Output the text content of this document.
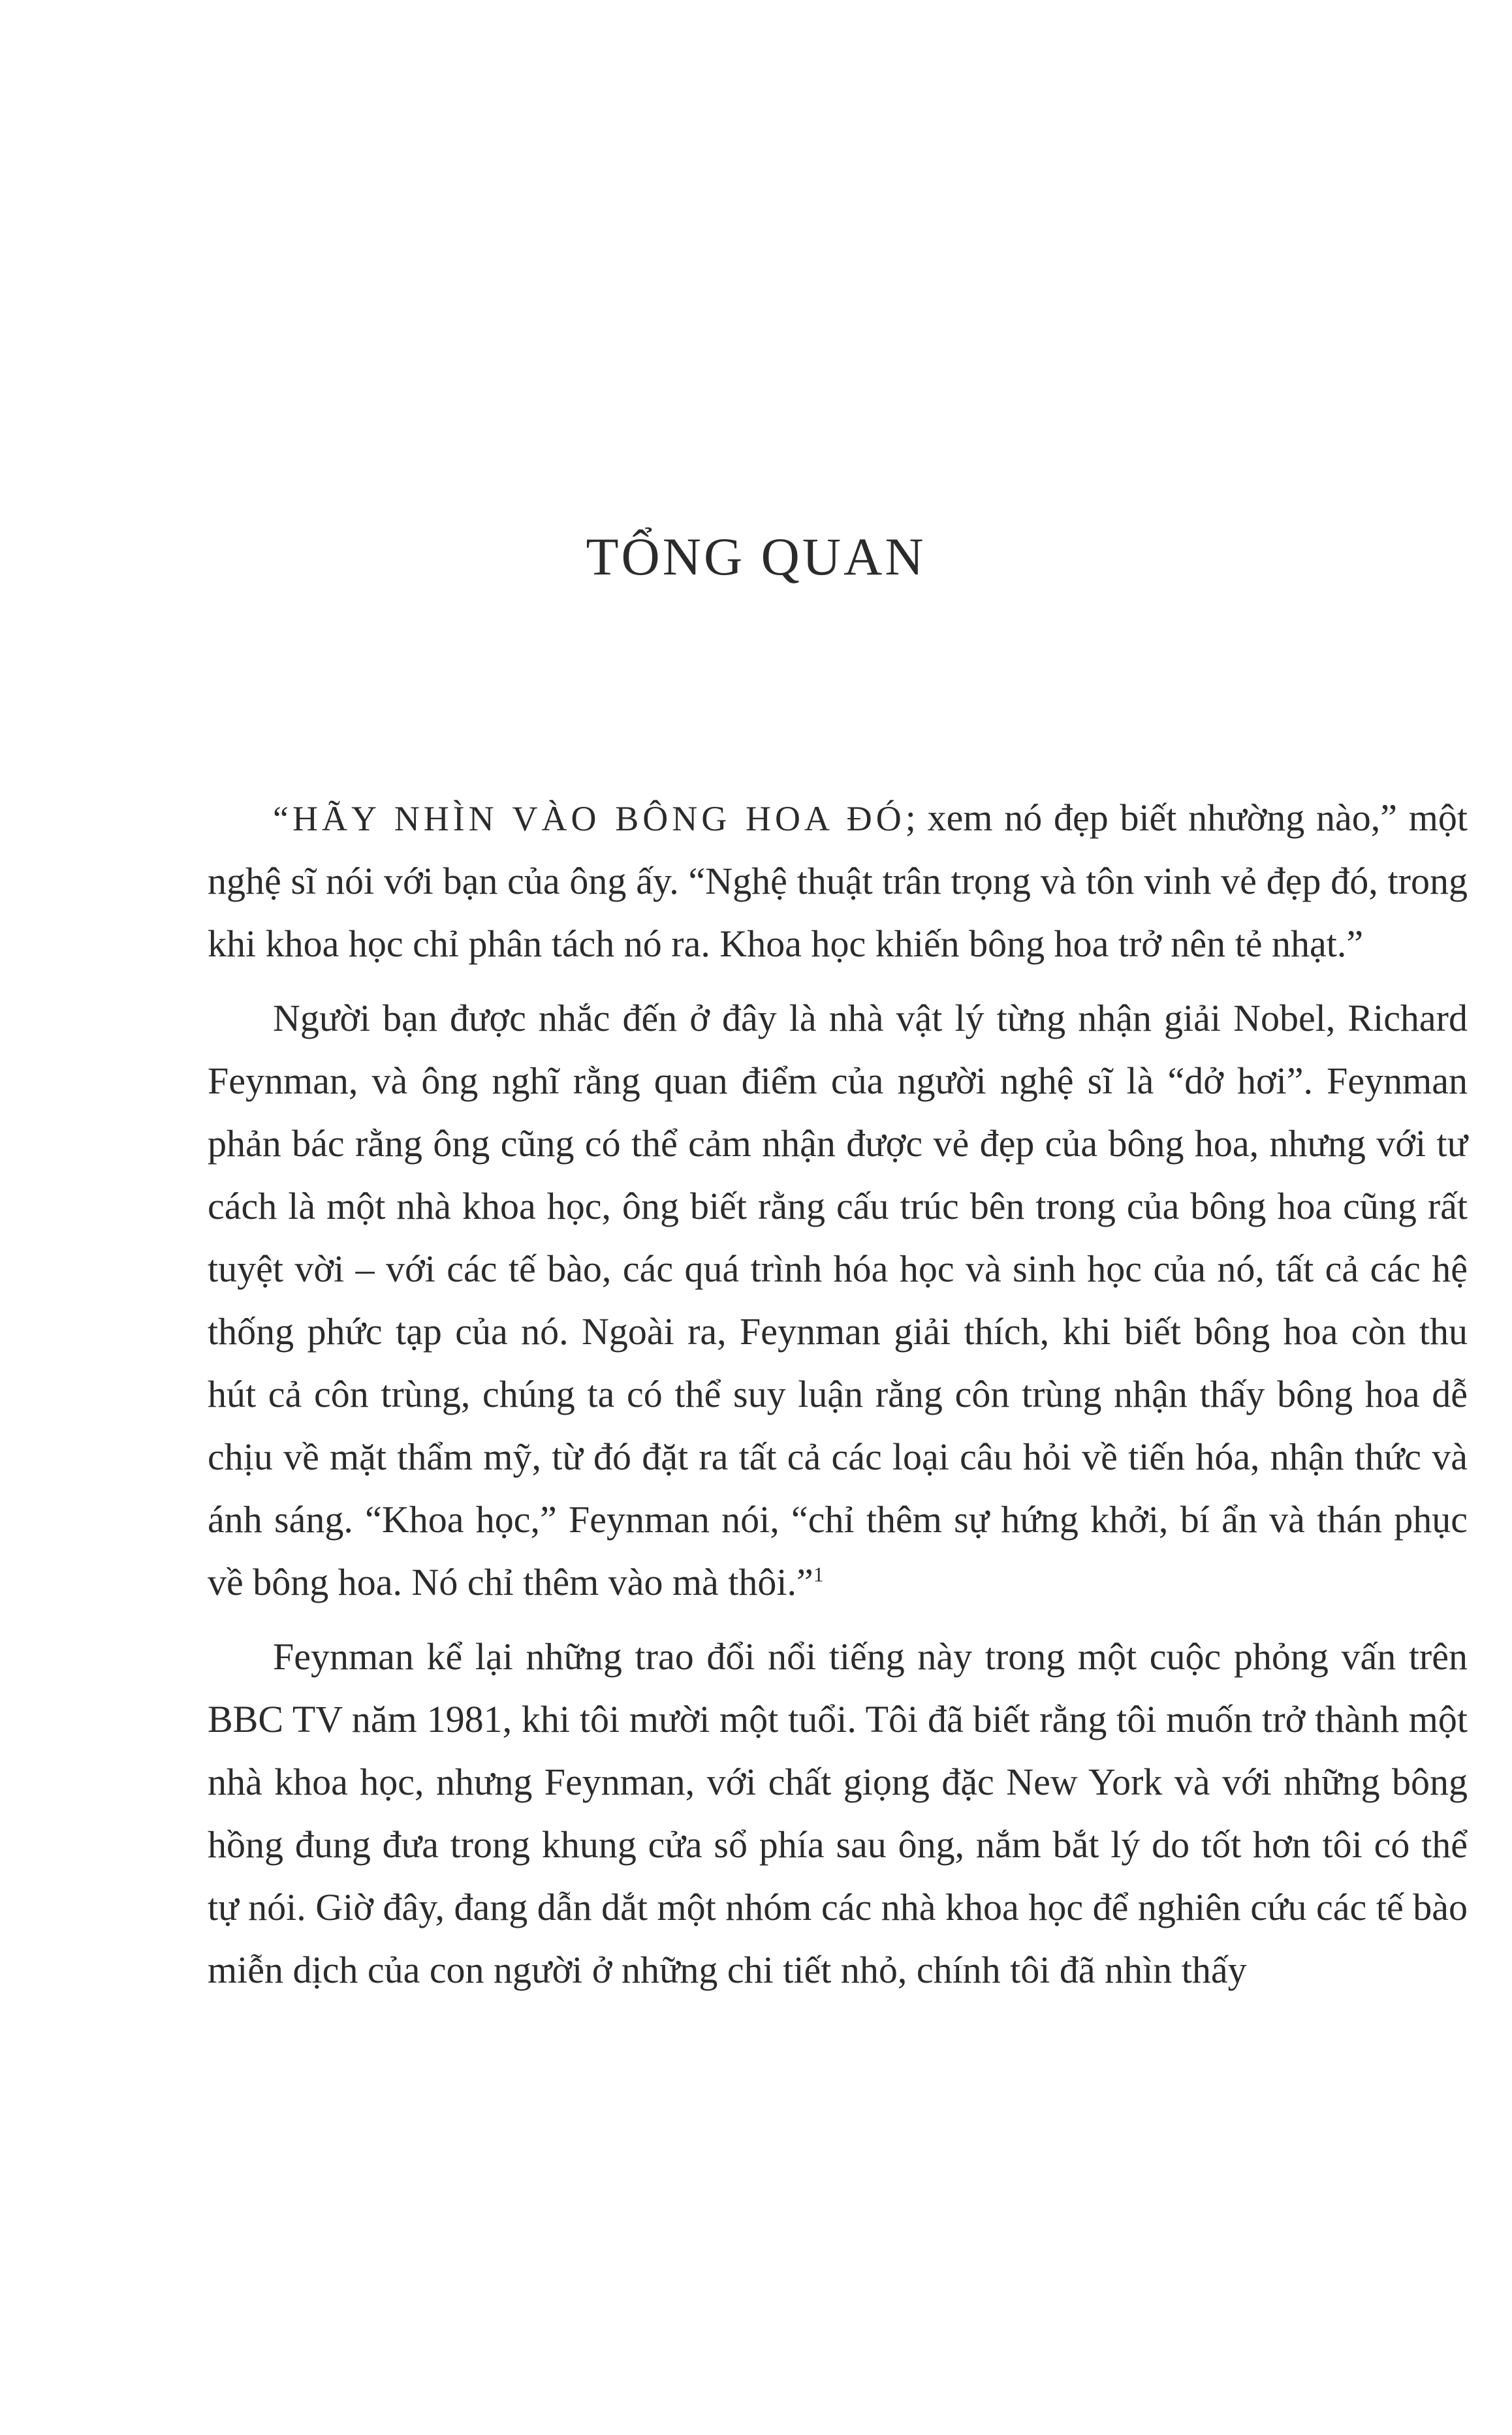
TỔNG QUAN

“HÃY NHÌN VÀO BÔNG HOA ĐÓ; xem nó đẹp biết nhường nào,” một nghệ sĩ nói với bạn của ông ấy. “Nghệ thuật trân trọng và tôn vinh vẻ đẹp đó, trong khi khoa học chỉ phân tách nó ra. Khoa học khiến bông hoa trở nên tẻ nhạt.”

Người bạn được nhắc đến ở đây là nhà vật lý từng nhận giải Nobel, Richard Feynman, và ông nghĩ rằng quan điểm của người nghệ sĩ là “dở hơi”. Feynman phản bác rằng ông cũng có thể cảm nhận được vẻ đẹp của bông hoa, nhưng với tư cách là một nhà khoa học, ông biết rằng cấu trúc bên trong của bông hoa cũng rất tuyệt vời – với các tế bào, các quá trình hóa học và sinh học của nó, tất cả các hệ thống phức tạp của nó. Ngoài ra, Feynman giải thích, khi biết bông hoa còn thu hút cả côn trùng, chúng ta có thể suy luận rằng côn trùng nhận thấy bông hoa dễ chịu về mặt thẩm mỹ, từ đó đặt ra tất cả các loại câu hỏi về tiến hóa, nhận thức và ánh sáng. “Khoa học,” Feynman nói, “chỉ thêm sự hứng khởi, bí ẩn và thán phục về bông hoa. Nó chỉ thêm vào mà thôi.”$^1$

Feynman kể lại những trao đổi nổi tiếng này trong một cuộc phỏng vấn trên BBC TV năm 1981, khi tôi mười một tuổi. Tôi đã biết rằng tôi muốn trở thành một nhà khoa học, nhưng Feynman, với chất giọng đặc New York và với những bông hồng đung đưa trong khung cửa sổ phía sau ông, nắm bắt lý do tốt hơn tôi có thể tự nói. Giờ đây, đang dẫn dắt một nhóm các nhà khoa học để nghiên cứu các tế bào miễn dịch của con người ở những chi tiết nhỏ, chính tôi đã nhìn thấy
